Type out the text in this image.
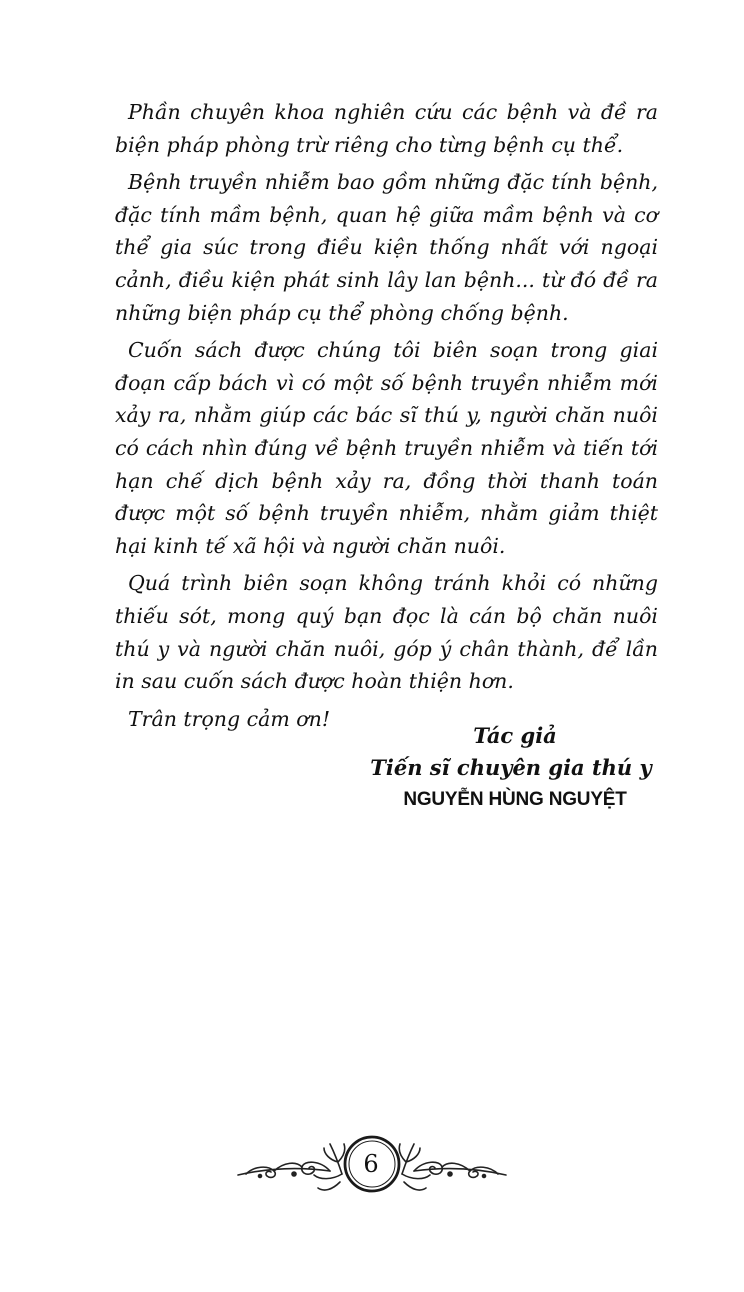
Phần chuyên khoa nghiên cứu các bệnh và đề ra biện pháp phòng trừ riêng cho từng bệnh cụ thể.

Bệnh truyền nhiễm bao gồm những đặc tính bệnh, đặc tính mầm bệnh, quan hệ giữa mầm bệnh và cơ thể gia súc trong điều kiện thống nhất với ngoại cảnh, điều kiện phát sinh lây lan bệnh... từ đó đề ra những biện pháp cụ thể phòng chống bệnh.

Cuốn sách được chúng tôi biên soạn trong giai đoạn cấp bách vì có một số bệnh truyền nhiễm mới xảy ra, nhằm giúp các bác sĩ thú y, người chăn nuôi có cách nhìn đúng về bệnh truyền nhiễm và tiến tới hạn chế dịch bệnh xảy ra, đồng thời thanh toán được một số bệnh truyền nhiễm, nhằm giảm thiệt hại kinh tế xã hội và người chăn nuôi.

Quá trình biên soạn không tránh khỏi có những thiếu sót, mong quý bạn đọc là cán bộ chăn nuôi thú y và người chăn nuôi, góp ý chân thành, để lần in sau cuốn sách được hoàn thiện hơn.

Trân trọng cảm ơn!

Tác giả
Tiến sĩ chuyên gia thú y
NGUYỄN HÙNG NGUYỆT
6
